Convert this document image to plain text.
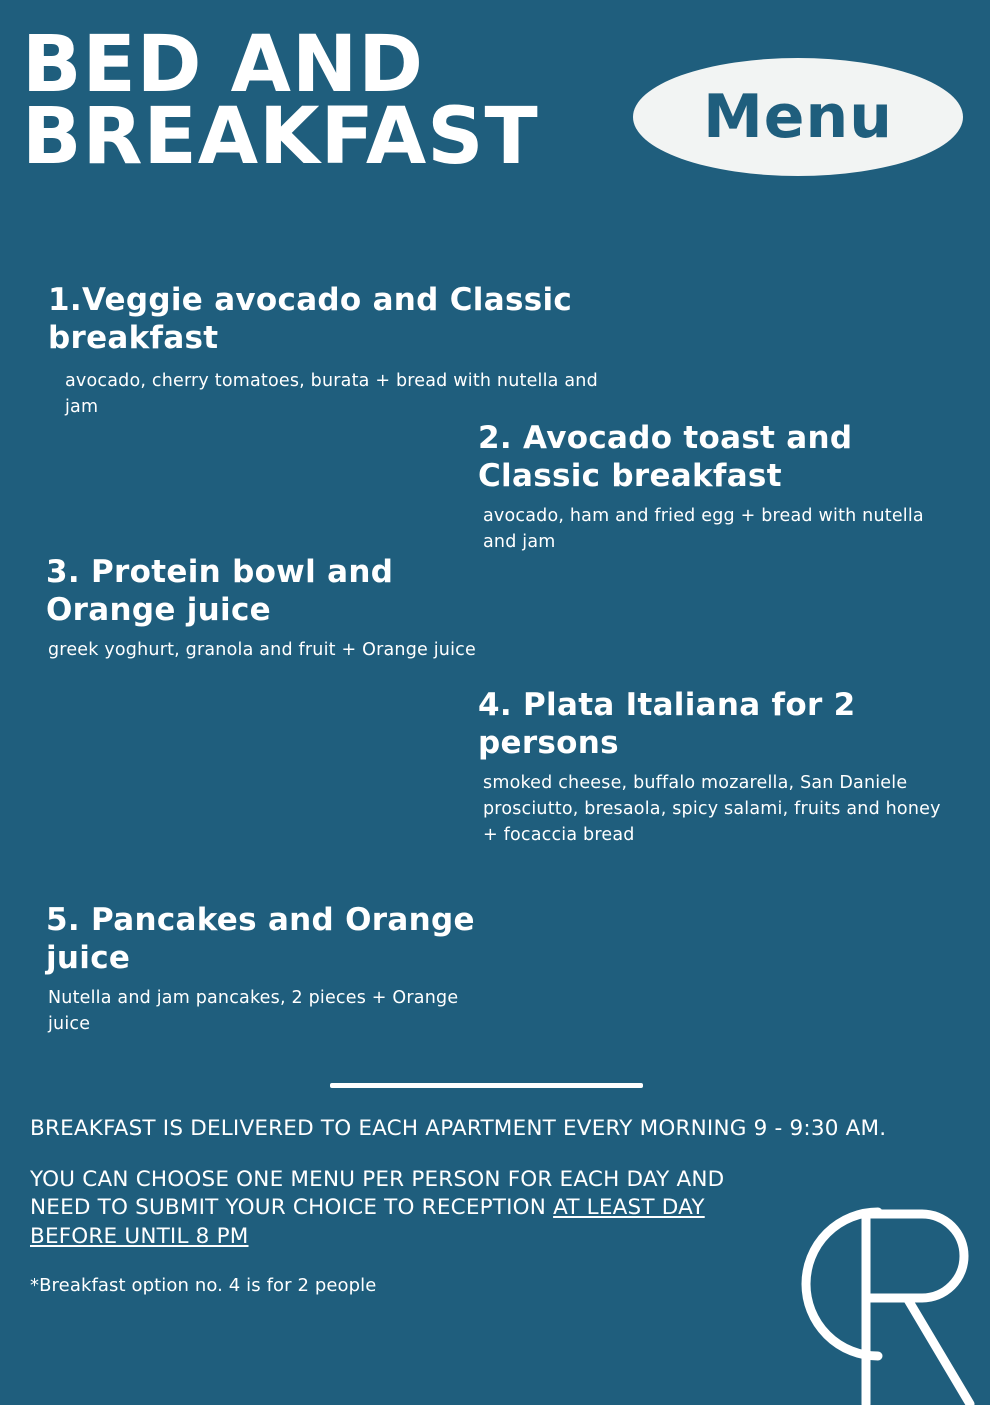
BED AND
BREAKFAST	Menu
1.Veggie avocado and Classic breakfast
avocado, cherry tomatoes, burata + bread with nutella and jam
2. Avocado toast and Classic breakfast
avocado, ham and fried egg + bread with nutella and jam
3. Protein bowl and Orange juice
greek yoghurt, granola and fruit + Orange juice
4. Plata Italiana for 2 persons
smoked cheese, buffalo mozarella, San Daniele prosciutto, bresaola, spicy salami, fruits and honey + focaccia bread
5. Pancakes and Orange juice
Nutella and jam pancakes, 2 pieces + Orange juice
BREAKFAST IS DELIVERED TO EACH APARTMENT EVERY MORNING 9 - 9:30 AM.
YOU CAN CHOOSE ONE MENU PER PERSON FOR EACH DAY AND NEED TO SUBMIT YOUR CHOICE TO RECEPTION AT LEAST DAY BEFORE UNTIL 8 PM
*Breakfast option no. 4 is for 2 people
